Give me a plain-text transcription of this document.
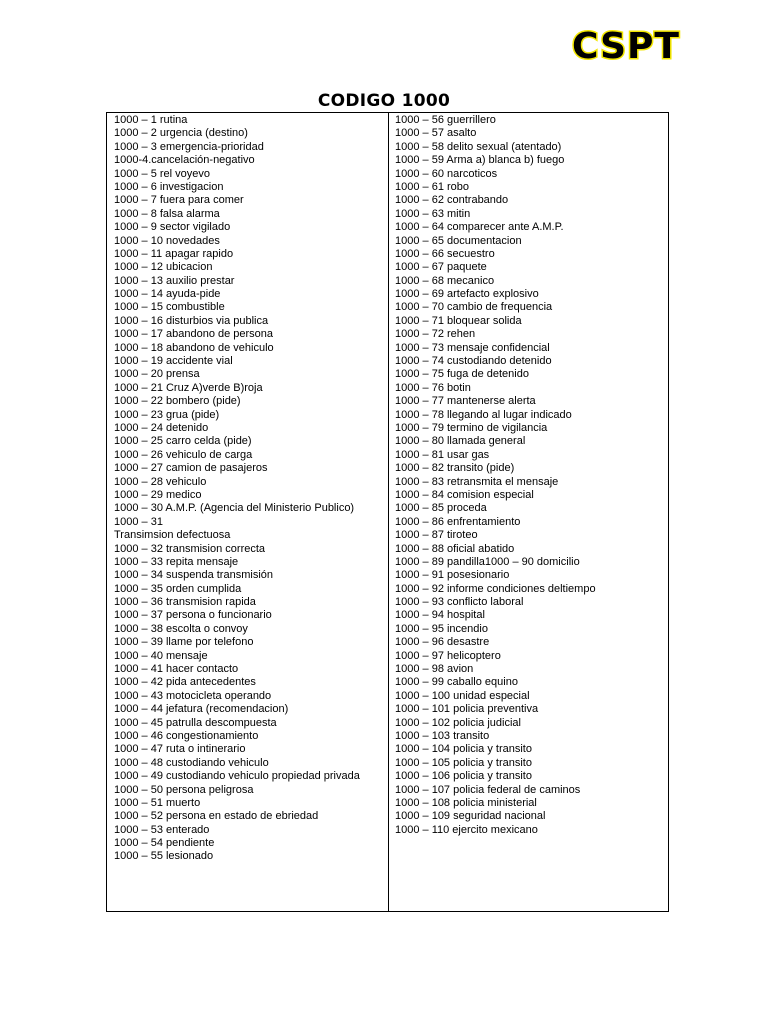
CSPT
CODIGO 1000
1000 – 1 rutina
1000 – 2 urgencia (destino)
1000 – 3 emergencia-prioridad
1000-4.cancelación-negativo
1000 – 5 rel voyevo
1000 – 6 investigacion
1000 – 7 fuera para comer
1000 – 8 falsa alarma
1000 – 9 sector vigilado
1000 – 10 novedades
1000 – 11 apagar rapido
1000 – 12 ubicacion
1000 – 13 auxilio prestar
1000 – 14 ayuda-pide
1000 – 15 combustible
1000 – 16 disturbios via publica
1000 – 17 abandono de persona
1000 – 18 abandono de vehiculo
1000 – 19 accidente vial
1000 – 20 prensa
1000 – 21 Cruz A)verde B)roja
1000 – 22 bombero (pide)
1000 – 23 grua (pide)
1000 – 24 detenido
1000 – 25 carro celda (pide)
1000 – 26 vehiculo de carga
1000 – 27 camion de pasajeros
1000 – 28 vehiculo
1000 – 29 medico
1000 – 30 A.M.P. (Agencia del Ministerio Publico)
1000 – 31
Transimsion defectuosa
1000 – 32 transmision correcta
1000 – 33 repita mensaje
1000 – 34 suspenda transmisión
1000 – 35 orden cumplida
1000 – 36 transmision rapida
1000 – 37 persona o funcionario
1000 – 38 escolta o convoy
1000 – 39 llame por telefono
1000 – 40 mensaje
1000 – 41 hacer contacto
1000 – 42 pida antecedentes
1000 – 43 motocicleta operando
1000 – 44 jefatura (recomendacion)
1000 – 45 patrulla descompuesta
1000 – 46 congestionamiento
1000 – 47 ruta o intinerario
1000 – 48 custodiando vehiculo
1000 – 49 custodiando vehiculo propiedad privada
1000 – 50 persona peligrosa
1000 – 51 muerto
1000 – 52 persona en estado de ebriedad
1000 – 53 enterado
1000 – 54 pendiente
1000 – 55 lesionado
1000 – 56 guerrillero
1000 – 57 asalto
1000 – 58 delito sexual (atentado)
1000 – 59 Arma a) blanca b) fuego
1000 – 60 narcoticos
1000 – 61 robo
1000 – 62 contrabando
1000 – 63 mitin
1000 – 64 comparecer ante A.M.P.
1000 – 65 documentacion
1000 – 66 secuestro
1000 – 67 paquete
1000 – 68 mecanico
1000 – 69 artefacto explosivo
1000 – 70 cambio de frequencia
1000 – 71 bloquear solida
1000 – 72 rehen
1000 – 73 mensaje confidencial
1000 – 74 custodiando detenido
1000 – 75 fuga de detenido
1000 – 76 botin
1000 – 77 mantenerse alerta
1000 – 78 llegando al lugar indicado
1000 – 79 termino de vigilancia
1000 – 80 llamada general
1000 – 81 usar gas
1000 – 82 transito (pide)
1000 – 83 retransmita el mensaje
1000 – 84 comision especial
1000 – 85 proceda
1000 – 86 enfrentamiento
1000 – 87 tiroteo
1000 – 88 oficial abatido
1000 – 89 pandilla1000 – 90 domicilio
1000 – 91 posesionario
1000 – 92 informe condiciones deltiempo
1000 – 93 conflicto laboral
1000 – 94 hospital
1000 – 95 incendio
1000 – 96 desastre
1000 – 97 helicoptero
1000 – 98 avion
1000 – 99 caballo equino
1000 – 100 unidad especial
1000 – 101 policia preventiva
1000 – 102 policia judicial
1000 – 103 transito
1000 – 104 policia y transito
1000 – 105 policia y transito
1000 – 106 policia y transito
1000 – 107 policia federal de caminos
1000 – 108 policia ministerial
1000 – 109 seguridad nacional
1000 – 110 ejercito mexicano
